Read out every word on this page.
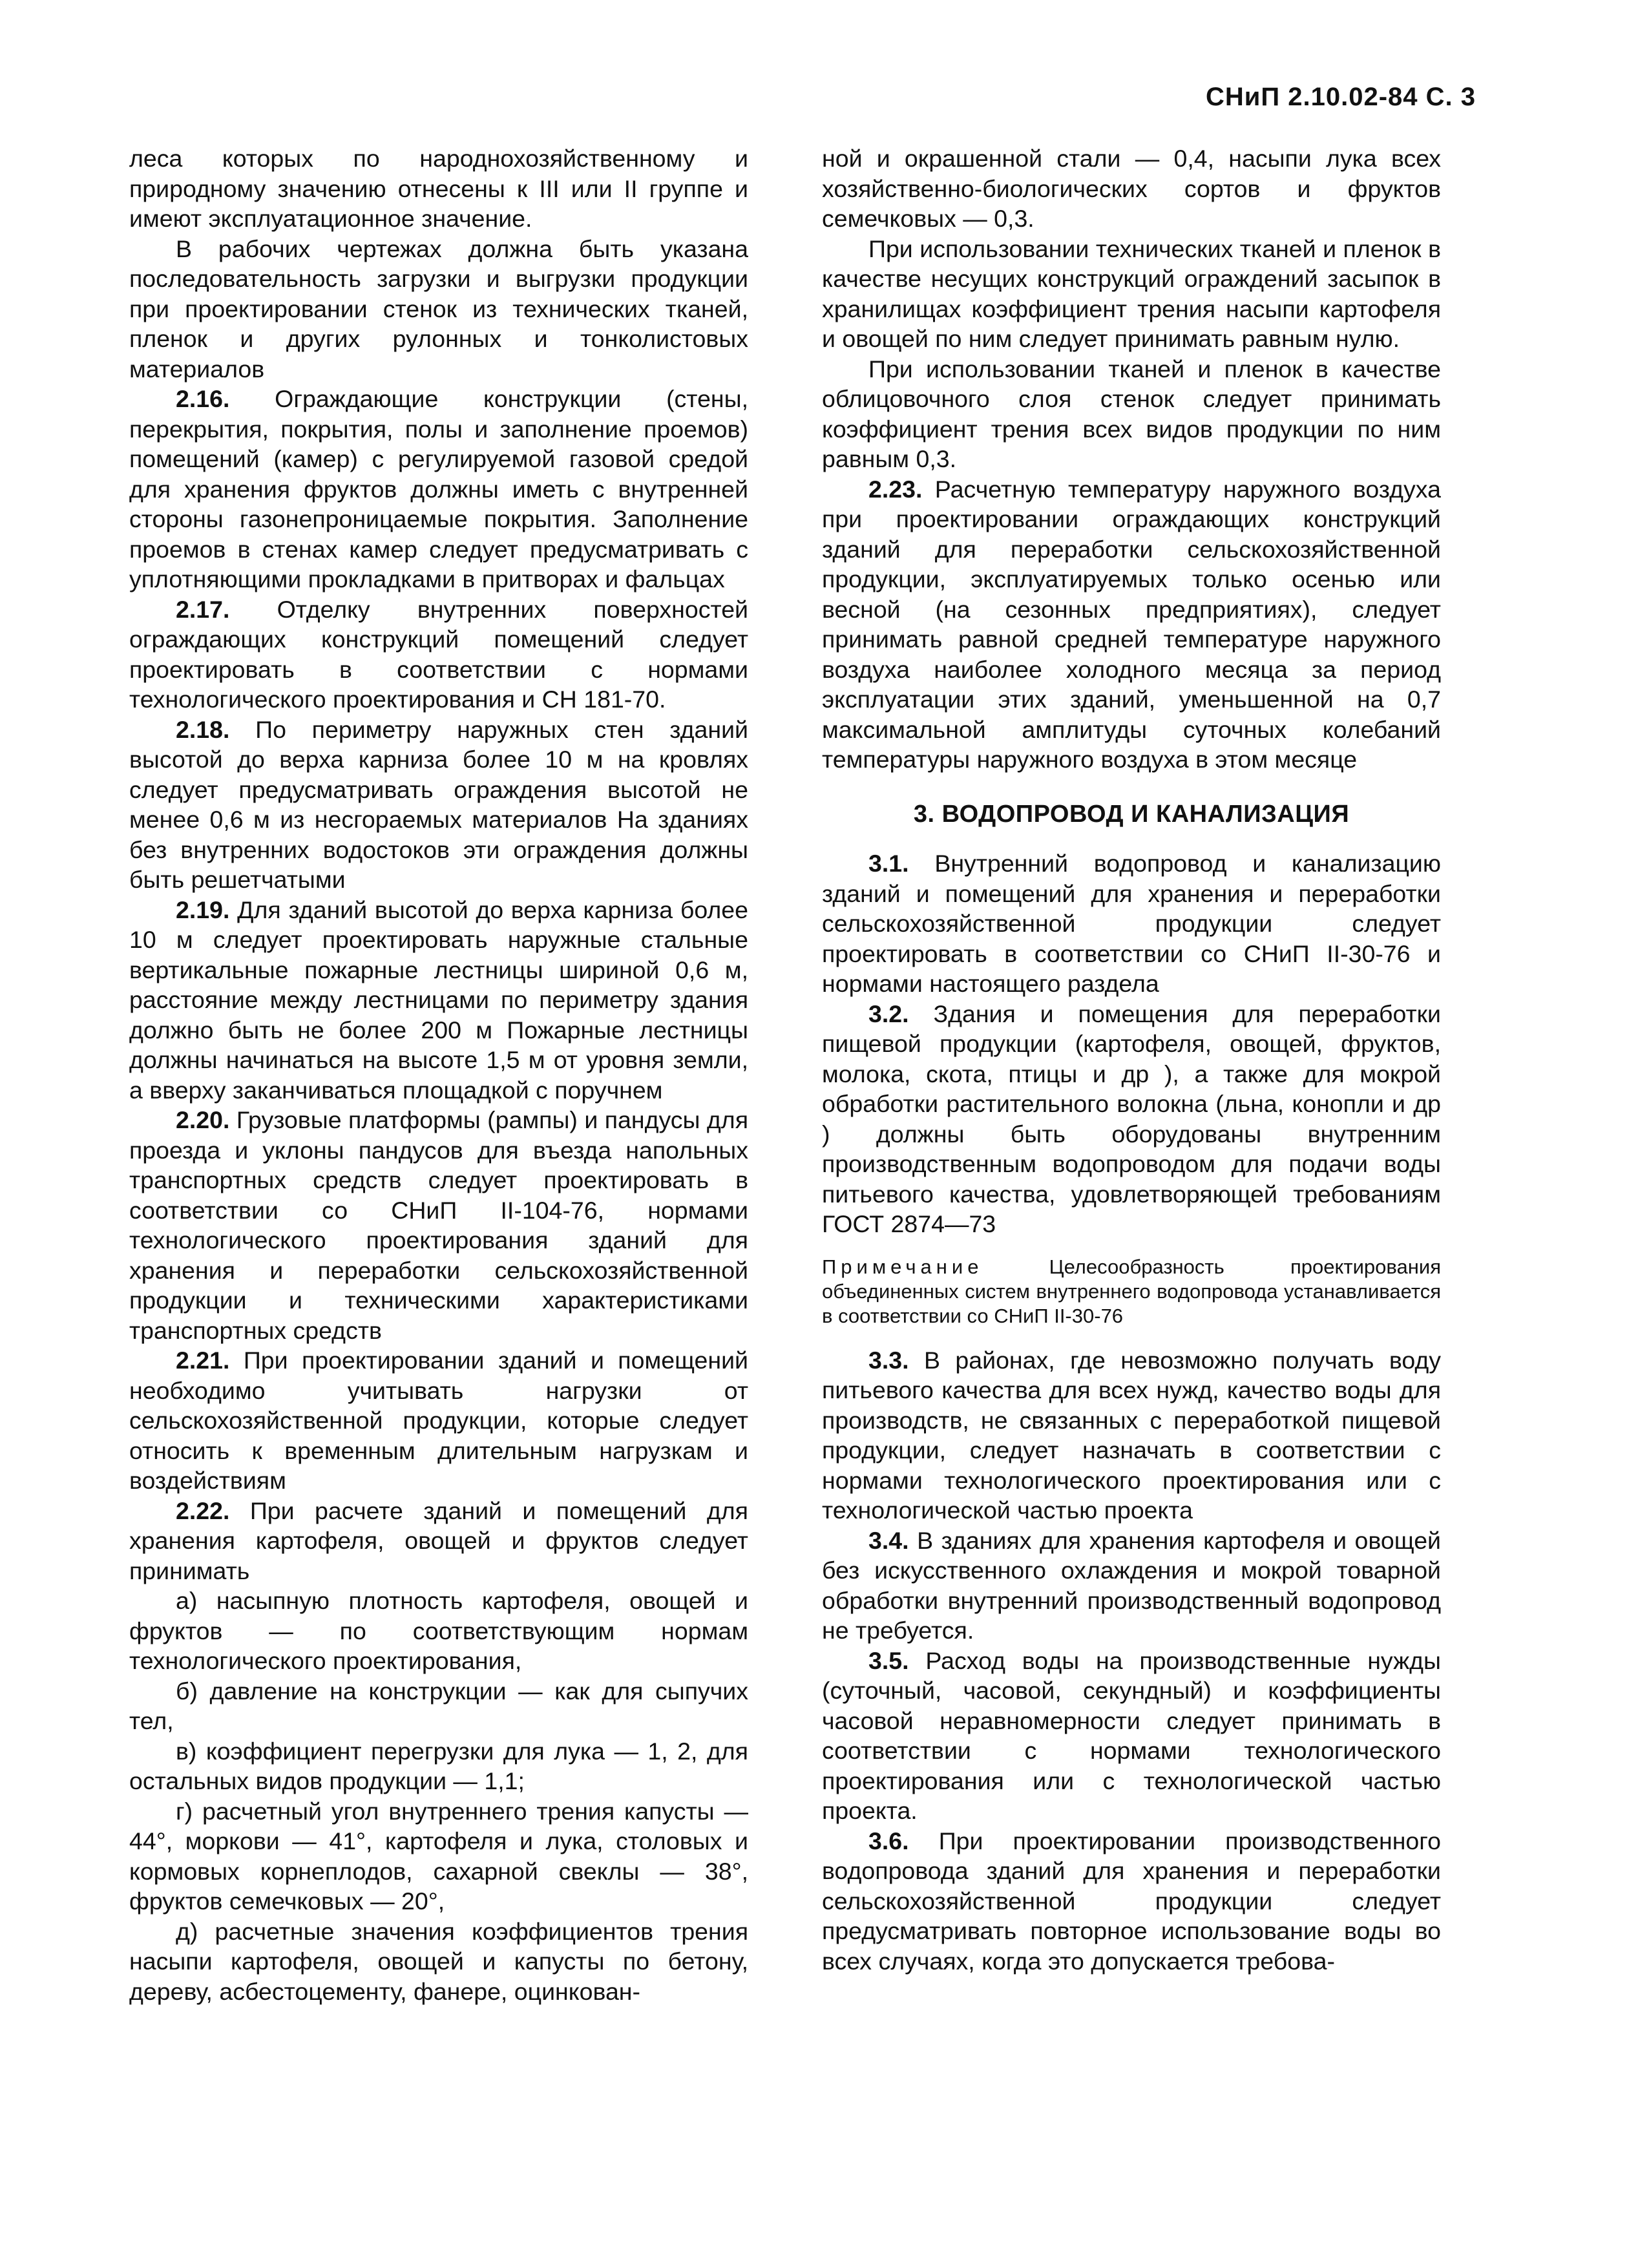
СНиП 2.10.02-84 С. 3

леса которых по народнохозяйственному и природному значению отнесены к III или II группе и имеют эксплуатационное значение.

В рабочих чертежах должна быть указана последовательность загрузки и выгрузки продукции при проектировании стенок из технических тканей, пленок и других рулонных и тонколистовых материалов

2.16. Ограждающие конструкции (стены, перекрытия, покрытия, полы и заполнение проемов) помещений (камер) с регулируемой газовой средой для хранения фруктов должны иметь с внутренней стороны газонепроницаемые покрытия. Заполнение проемов в стенах камер следует предусматривать с уплотняющими прокладками в притворах и фальцах

2.17. Отделку внутренних поверхностей ограждающих конструкций помещений следует проектировать в соответствии с нормами технологического проектирования и СН 181-70.

2.18. По периметру наружных стен зданий высотой до верха карниза более 10 м на кровлях следует предусматривать ограждения высотой не менее 0,6 м из несгораемых материалов На зданиях без внутренних водостоков эти ограждения должны быть решетчатыми

2.19. Для зданий высотой до верха карниза более 10 м следует проектировать наружные стальные вертикальные пожарные лестницы шириной 0,6 м, расстояние между лестницами по периметру здания должно быть не более 200 м Пожарные лестницы должны начинаться на высоте 1,5 м от уровня земли, а вверху заканчиваться площадкой с поручнем

2.20. Грузовые платформы (рампы) и пандусы для проезда и уклоны пандусов для въезда напольных транспортных средств следует проектировать в соответствии со СНиП II-104-76, нормами технологического проектирования зданий для хранения и переработки сельскохозяйственной продукции и техническими характеристиками транспортных средств

2.21. При проектировании зданий и помещений необходимо учитывать нагрузки от сельскохозяйственной продукции, которые следует относить к временным длительным нагрузкам и воздействиям

2.22. При расчете зданий и помещений для хранения картофеля, овощей и фруктов следует принимать

а) насыпную плотность картофеля, овощей и фруктов — по соответствующим нормам технологического проектирования,

б) давление на конструкции — как для сыпучих тел,

в) коэффициент перегрузки для лука — 1, 2, для остальных видов продукции — 1,1;

г) расчетный угол внутреннего трения капусты — 44°, моркови — 41°, картофеля и лука, столовых и кормовых корнеплодов, сахарной свеклы — 38°, фруктов семечковых — 20°,

д) расчетные значения коэффициентов трения насыпи картофеля, овощей и капусты по бетону, дереву, асбестоцементу, фанере, оцинкован-

ной и окрашенной стали — 0,4, насыпи лука всех хозяйственно-биологических сортов и фруктов семечковых — 0,3.

При использовании технических тканей и пленок в качестве несущих конструкций ограждений засыпок в хранилищах коэффициент трения насыпи картофеля и овощей по ним следует принимать равным нулю.

При использовании тканей и пленок в качестве облицовочного слоя стенок следует принимать коэффициент трения всех видов продукции по ним равным 0,3.

2.23. Расчетную температуру наружного воздуха при проектировании ограждающих конструкций зданий для переработки сельскохозяйственной продукции, эксплуатируемых только осенью или весной (на сезонных предприятиях), следует принимать равной средней температуре наружного воздуха наиболее холодного месяца за период эксплуатации этих зданий, уменьшенной на 0,7 максимальной амплитуды суточных колебаний температуры наружного воздуха в этом месяце

3. ВОДОПРОВОД И КАНАЛИЗАЦИЯ

3.1. Внутренний водопровод и канализацию зданий и помещений для хранения и переработки сельскохозяйственной продукции следует проектировать в соответствии со СНиП II-30-76 и нормами настоящего раздела

3.2. Здания и помещения для переработки пищевой продукции (картофеля, овощей, фруктов, молока, скота, птицы и др ), а также для мокрой обработки растительного волокна (льна, конопли и др ) должны быть оборудованы внутренним производственным водопроводом для подачи воды питьевого качества, удовлетворяющей требованиям ГОСТ 2874—73

Примечание	Целесообразность проектирования объединенных систем внутреннего водопровода устанавливается в соответствии со СНиП II-30-76

3.3. В районах, где невозможно получать воду питьевого качества для всех нужд, качество воды для производств, не связанных с переработкой пищевой продукции, следует назначать в соответствии с нормами технологического проектирования или с технологической частью проекта

3.4. В зданиях для хранения картофеля и овощей без искусственного охлаждения и мокрой товарной обработки внутренний производственный водопровод не требуется.

3.5. Расход воды на производственные нужды (суточный, часовой, секундный) и коэффициенты часовой неравномерности следует принимать в соответствии с нормами технологического проектирования или с технологической частью проекта.

3.6. При проектировании производственного водопровода зданий для хранения и переработки сельскохозяйственной продукции следует предусматривать повторное использование воды во всех случаях, когда это допускается требова-
